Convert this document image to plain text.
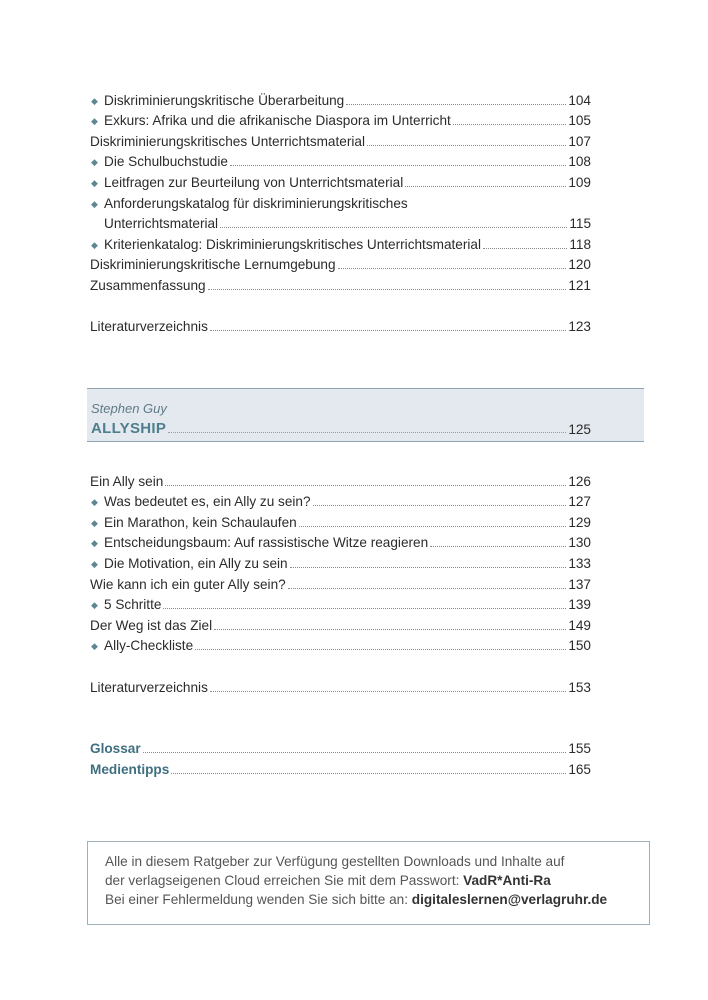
◆ Diskriminierungskritische Überarbeitung	104
◆ Exkurs: Afrika und die afrikanische Diaspora im Unterricht	105
Diskriminierungskritisches Unterrichtsmaterial	107
◆ Die Schulbuchstudie	108
◆ Leitfragen zur Beurteilung von Unterrichtsmaterial	109
◆ Anforderungskatalog für diskriminierungskritisches
Unterrichtsmaterial	115
◆ Kriterienkatalog: Diskriminierungskritisches Unterrichtsmaterial	118
Diskriminierungskritische Lernumgebung	120
Zusammenfassung	121
Literaturverzeichnis	123
Stephen Guy
ALLYSHIP	125
Ein Ally sein	126
◆ Was bedeutet es, ein Ally zu sein?	127
◆ Ein Marathon, kein Schaulaufen	129
◆ Entscheidungsbaum: Auf rassistische Witze reagieren	130
◆ Die Motivation, ein Ally zu sein	133
Wie kann ich ein guter Ally sein?	137
◆ 5 Schritte	139
Der Weg ist das Ziel	149
◆ Ally-Checkliste	150
Literaturverzeichnis	153
Glossar	155
Medientipps	165
Alle in diesem Ratgeber zur Verfügung gestellten Downloads und Inhalte auf
der verlagseigenen Cloud erreichen Sie mit dem Passwort: VadR*Anti-Ra
Bei einer Fehlermeldung wenden Sie sich bitte an: digitaleslernen@verlagruhr.de
